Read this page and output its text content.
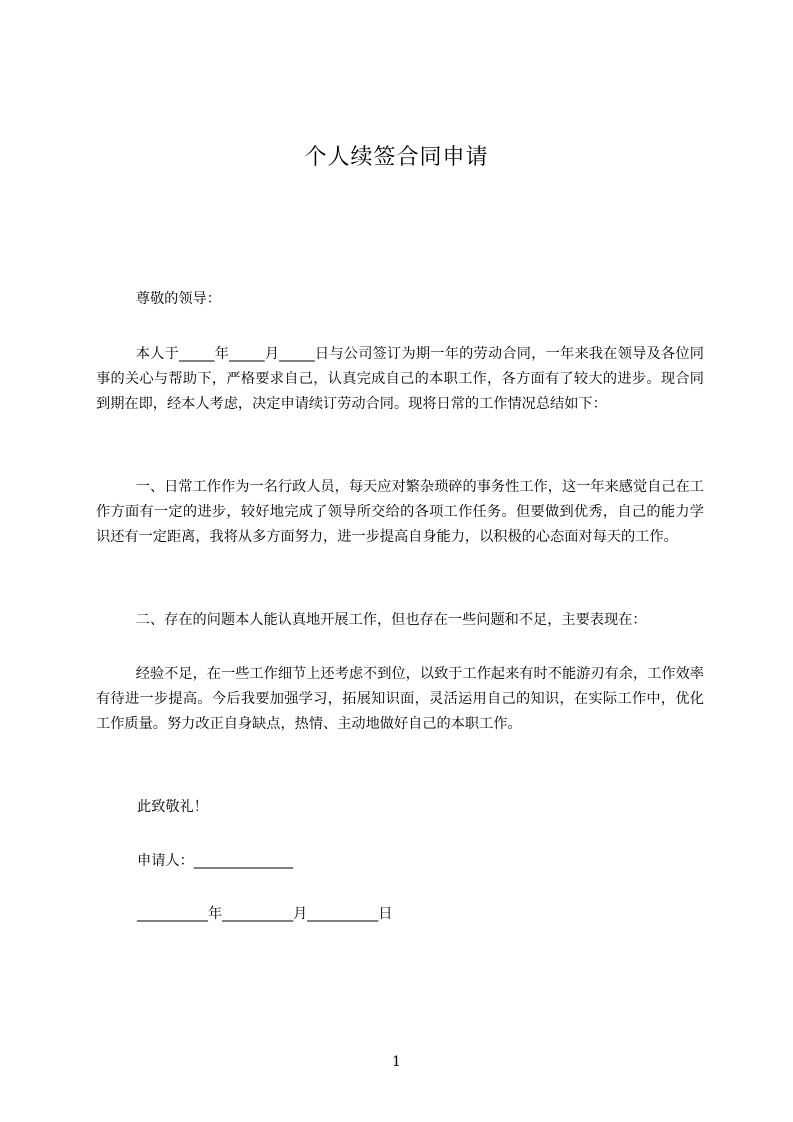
个人续签合同申请

尊敬的领导：

本人于_____年_____月_____日与公司签订为期一年的劳动合同，一年来我在领导及各位同事的关心与帮助下，严格要求自己，认真完成自己的本职工作，各方面有了较大的进步。现合同到期在即，经本人考虑，决定申请续订劳动合同。现将日常的工作情况总结如下：

一、日常工作作为一名行政人员，每天应对繁杂琐碎的事务性工作，这一年来感觉自己在工作方面有一定的进步，较好地完成了领导所交给的各项工作任务。但要做到优秀，自己的能力学识还有一定距离，我将从多方面努力，进一步提高自身能力，以积极的心态面对每天的工作。

二、存在的问题本人能认真地开展工作，但也存在一些问题和不足，主要表现在：

经验不足，在一些工作细节上还考虑不到位，以致于工作起来有时不能游刃有余，工作效率有待进一步提高。今后我要加强学习，拓展知识面，灵活运用自己的知识，在实际工作中，优化工作质量。努力改正自身缺点，热情、主动地做好自己的本职工作。

此致敬礼！
申请人：______________
__________年__________月__________日
1
